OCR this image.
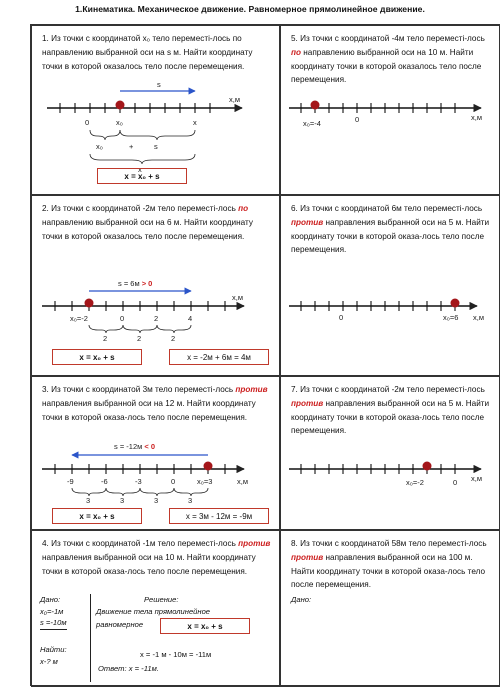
1.Кинематика. Механическое движение. Равномерное прямолинейное движение.
1. Из точки с координатой x₀ тело переместі-лось по направлению выбранной оси на s м. Найти координату точки в которой оказалось тело после перемещения.
x,м
s
0	x₀	x
x₀	+	s
x
x = x₀ + s
5. Из точки с координатой -4м тело переместі-лось по направлению выбранной оси на 10 м. Найти координату точки в которой оказалось тело после перемещения.
x,м
x₀=-4	0
2. Из точки с координатой -2м тело переместі-лось по направлению выбранной оси на 6 м. Найти координату точки в которой оказалось тело после перемещения.
x,м
s = 6м > 0
x₀=-2	0	2	4
2	2	2
x = x₀ + s	x = -2м + 6м = 4м
6. Из точки с координатой 6м тело переместі-лось против направления выбранной оси на 5 м. Найти координату точки в которой оказа-лось тело после перемещения.
x,м
0	x₀=6
3. Из точки с координатой 3м тело переместі-лось против направления выбранной оси на 12 м. Найти координату точки в которой оказа-лось тело после перемещения.
x,м
s = -12м < 0
-9	-6	-3	0	x₀=3
3	3	3	3
x = x₀ + s	x = 3м - 12м = -9м
7. Из точки с координатой -2м тело переместі-лось против направления выбранной оси на 5 м. Найти координату точки в которой оказа-лось тело после перемещения.
x,м
x₀=-2	0
4. Из точки с координатой -1м тело переместі-лось против направления выбранной оси на 10 м. Найти координату точки в которой оказа-лось тело после перемещения.
Дано:
x₀=-1м
s =-10м
Найти:
x-? м
Решение:
Движение тела прямолинейное
равномерное	x = x₀ + s
x = -1 м - 10м = -11м
Ответ: x = -11м.
8. Из точки с координатой 58м тело переместі-лось против направления выбранной оси на 100 м. Найти координату точки в которой оказа-лось тело после перемещения.
Дано:
